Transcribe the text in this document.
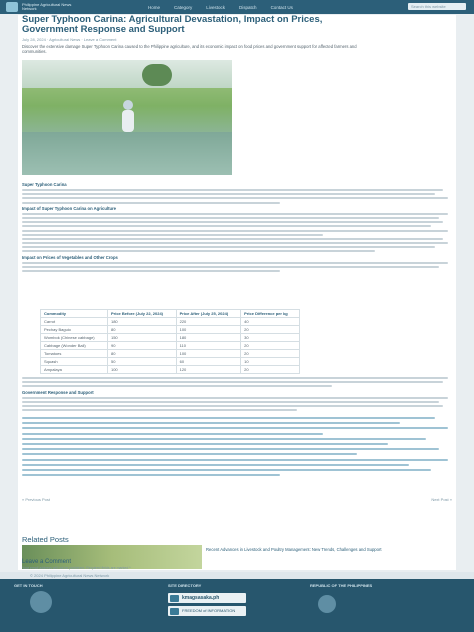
Philippine Agricultural News Network	Home	Category	Livestock	Dispatch	Contact Us	Search this website
Super Typhoon Carina: Agricultural Devastation, Impact on Prices, Government Response and Support
July 28, 2024 · Agricultural News · Leave a Comment
Discover the extensive damage Super Typhoon Carina caused to the Philippine agriculture, and its economic impact on food prices and government support for affected farmers and communities.
Super Typhoon Carina
Impact of Super Typhoon Carina on Agriculture
Impact on Prices of Vegetables and Other Crops
Commodity	Price Before (July 22, 2024)	Price After (July 25, 2024)	Price Difference per kg
Carrot	180	220	40
Pechay Baguio	80	100	20
Wombok (Chinese cabbage)	150	180	30
Cabbage (Wonder Ball)	90	110	20
Tomatoes	80	100	20
Squash	50	60	10
Ampalaya	100	120	20
Government Response and Support
« Previous Post	Next Post »
Related Posts
Recent Advances in Livestock and Poultry Management: New Trends, Challenges and Support
Leave a Comment
Your email address will not be published. Required fields are marked *
© 2024 Philippine Agricultural News Network
GET IN TOUCH	SITE DIRECTORY
kmagsasaka.ph
FREEDOM of INFORMATION
REPUBLIC OF THE PHILIPPINES
